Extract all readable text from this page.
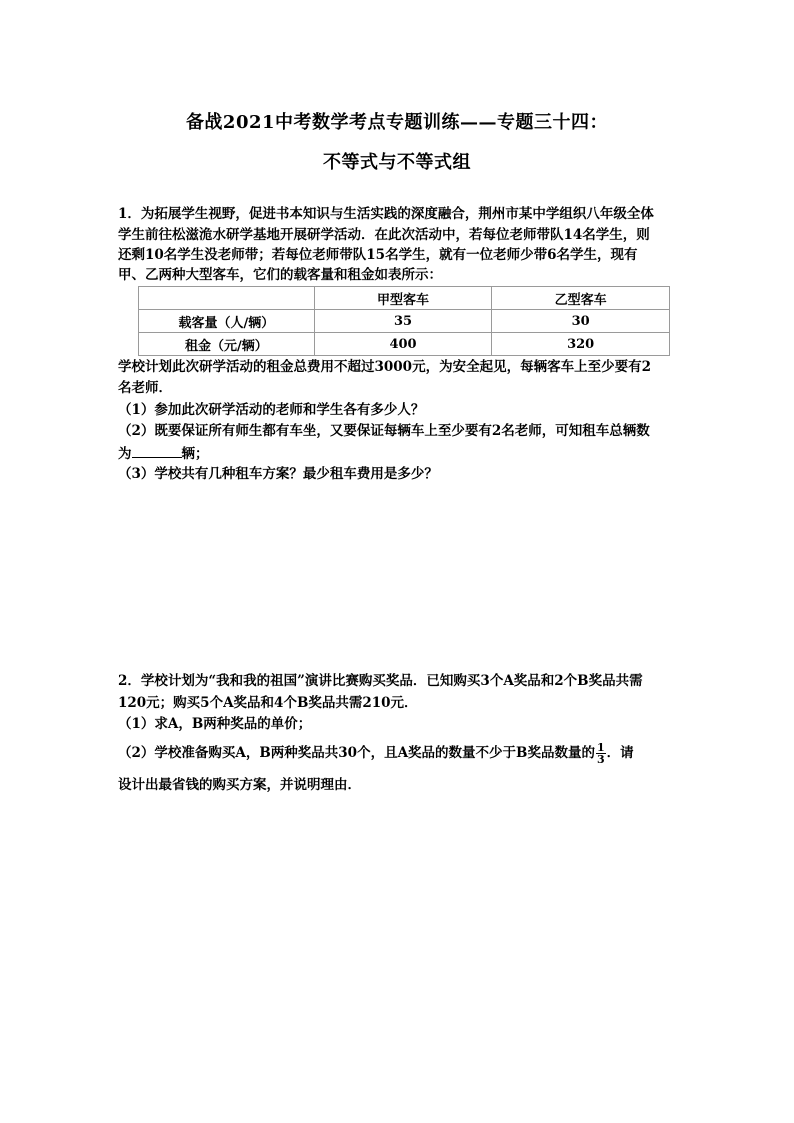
备战2021中考数学考点专题训练——专题三十四：
不等式与不等式组
1．为拓展学生视野，促进书本知识与生活实践的深度融合，荆州市某中学组织八年级全体
学生前往松滋洈水研学基地开展研学活动．在此次活动中，若每位老师带队14名学生，则
还剩10名学生没老师带；若每位老师带队15名学生，就有一位老师少带6名学生，现有
甲、乙两种大型客车，它们的载客量和租金如表所示：
	甲型客车	乙型客车
载客量（人/辆）	35	30
租金（元/辆）	400	320
学校计划此次研学活动的租金总费用不超过3000元，为安全起见，每辆客车上至少要有2
名老师．
（1）参加此次研学活动的老师和学生各有多少人？
（2）既要保证所有师生都有车坐，又要保证每辆车上至少要有2名老师，可知租车总辆数
为	辆；
（3）学校共有几种租车方案？最少租车费用是多少？
2．学校计划为“我和我的祖国”演讲比赛购买奖品．已知购买3个A奖品和2个B奖品共需
120元；购买5个A奖品和4个B奖品共需210元．
（1）求A，B两种奖品的单价；
（2）学校准备购买A，B两种奖品共30个，且A奖品的数量不少于B奖品数量的 $\frac{1}{3}$ ．请
设计出最省钱的购买方案，并说明理由．
